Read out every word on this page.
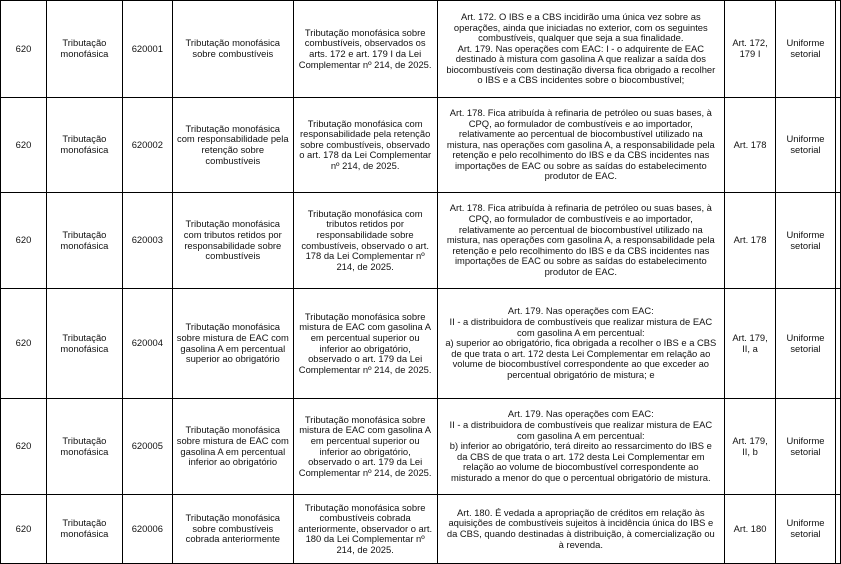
620	Tributação monofásica	620001	Tributação monofásica sobre combustíveis	Tributação monofásica sobre combustíveis, observados os arts. 172 e art. 179 I da Lei Complementar nº 214, de 2025.	Art. 172. O IBS e a CBS incidirão uma única vez sobre as operações, ainda que iniciadas no exterior, com os seguintes combustíveis, qualquer que seja a sua finalidade.
Art. 179. Nas operações com EAC: I - o adquirente de EAC destinado à mistura com gasolina A que realizar a saída dos biocombustíveis com destinação diversa fica obrigado a recolher o IBS e a CBS incidentes sobre o biocombustível;	Art. 172, 179 I	Uniforme setorial	
620	Tributação monofásica	620002	Tributação monofásica com responsabilidade pela retenção sobre combustíveis	Tributação monofásica com responsabilidade pela retenção sobre combustíveis, observado o art. 178 da Lei Complementar nº 214, de 2025.	Art. 178. Fica atribuída à refinaria de petróleo ou suas bases, à CPQ, ao formulador de combustíveis e ao importador, relativamente ao percentual de biocombustível utilizado na mistura, nas operações com gasolina A, a responsabilidade pela retenção e pelo recolhimento do IBS e da CBS incidentes nas importações de EAC ou sobre as saídas do estabelecimento produtor de EAC.	Art. 178	Uniforme setorial	
620	Tributação monofásica	620003	Tributação monofásica com tributos retidos por responsabilidade sobre combustíveis	Tributação monofásica com tributos retidos por responsabilidade sobre combustíveis, observado o art. 178 da Lei Complementar nº 214, de 2025.	Art. 178. Fica atribuída à refinaria de petróleo ou suas bases, à CPQ, ao formulador de combustíveis e ao importador, relativamente ao percentual de biocombustível utilizado na mistura, nas operações com gasolina A, a responsabilidade pela retenção e pelo recolhimento do IBS e da CBS incidentes nas importações de EAC ou sobre as saídas do estabelecimento produtor de EAC.	Art. 178	Uniforme setorial	
620	Tributação monofásica	620004	Tributação monofásica sobre mistura de EAC com gasolina A em percentual superior ao obrigatório	Tributação monofásica sobre mistura de EAC com gasolina A em percentual superior ou inferior ao obrigatório, observado o art. 179 da Lei Complementar nº 214, de 2025.	Art. 179. Nas operações com EAC:
II - a distribuidora de combustíveis que realizar mistura de EAC com gasolina A em percentual:
a) superior ao obrigatório, fica obrigada a recolher o IBS e a CBS de que trata o art. 172 desta Lei Complementar em relação ao volume de biocombustível correspondente ao que exceder ao percentual obrigatório de mistura; e	Art. 179, II, a	Uniforme setorial	
620	Tributação monofásica	620005	Tributação monofásica sobre mistura de EAC com gasolina A em percentual inferior ao obrigatório	Tributação monofásica sobre mistura de EAC com gasolina A em percentual superior ou inferior ao obrigatório, observado o art. 179 da Lei Complementar nº 214, de 2025.	Art. 179. Nas operações com EAC:
II - a distribuidora de combustíveis que realizar mistura de EAC com gasolina A em percentual:
b) inferior ao obrigatório, terá direito ao ressarcimento do IBS e da CBS de que trata o art. 172 desta Lei Complementar em relação ao volume de biocombustível correspondente ao misturado a menor do que o percentual obrigatório de mistura.	Art. 179, II, b	Uniforme setorial	
620	Tributação monofásica	620006	Tributação monofásica sobre combustíveis cobrada anteriormente	Tributação monofásica sobre combustíveis cobrada anteriormente, observador o art. 180 da Lei Complementar nº 214, de 2025.	Art. 180. É vedada a apropriação de créditos em relação às aquisições de combustíveis sujeitos à incidência única do IBS e da CBS, quando destinadas à distribuição, à comercialização ou à revenda.	Art. 180	Uniforme setorial	
